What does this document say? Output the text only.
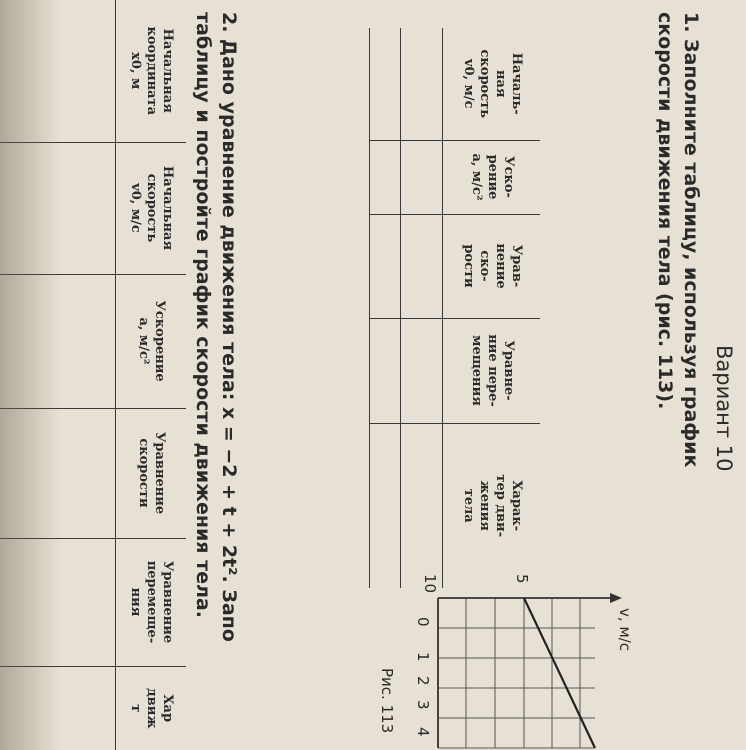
Вариант 10
1. Заполните таблицу, используя график
скорости движения тела (рис. 113).
Началь-
ная
скорость
v0, м/с	Уско-
рение
a, м/с²	Урав-
нение
ско-
рости	Уравне-
ние пере-
мещения	Харак-
тер дви-
жения
тела

v, м/с
10	5
0
1
2
3
4
Рис. 113
2. Дано уравнение движения тела: x = −2 + t + 2t². Запо
таблицу и постройте график скорости движения тела.
Начальная
координата
x0, м	Начальная
скорость
v0, м/с	Ускорение
a, м/с²	Уравнение
скорости	Уравнение
перемеще-
ния	Хар
движ
т
